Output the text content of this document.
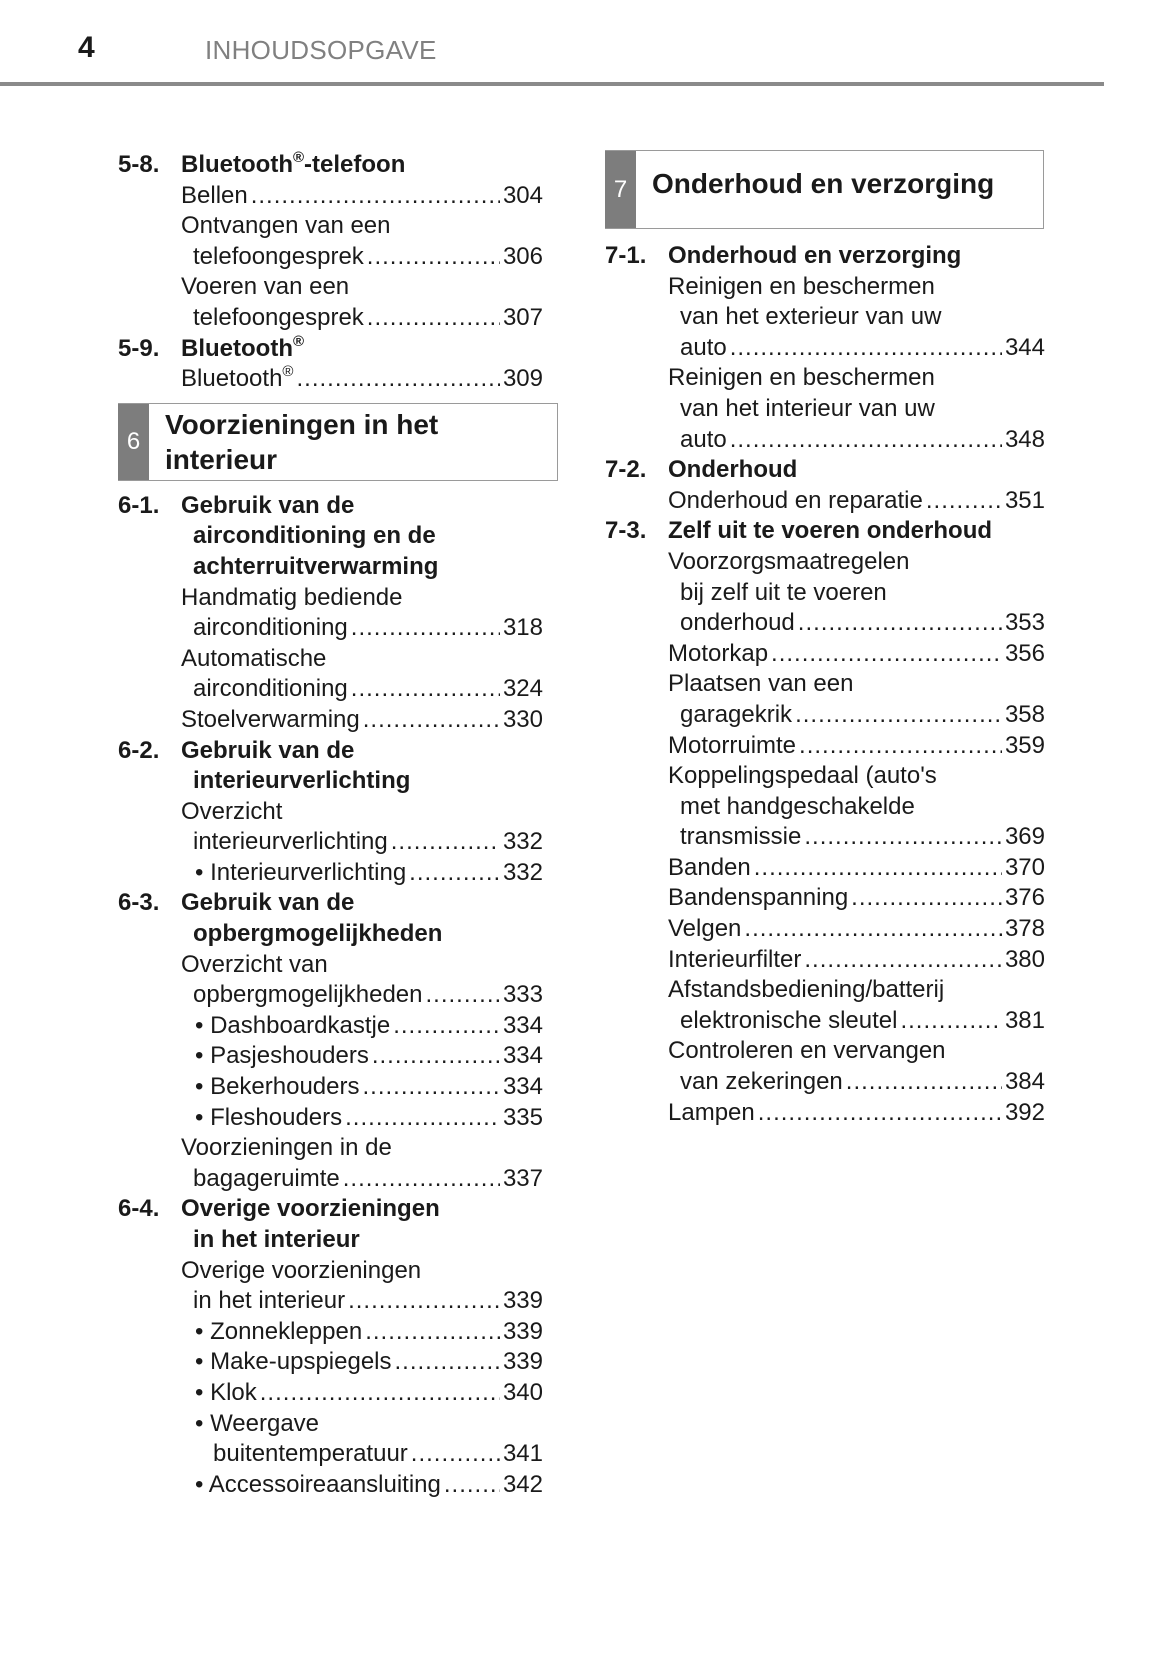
4	INHOUDSOPGAVE
5-8. Bluetooth®-telefoon
Bellen .....	304
Ontvangen van een
telefoongesprek .....	306
Voeren van een
telefoongesprek .....	307
5-9. Bluetooth®
Bluetooth® .....	309
6
Voorzieningen in het
interieur
6-1. Gebruik van de
airconditioning en de
achterruitverwarming
Handmatig bediende
airconditioning .....	318
Automatische
airconditioning .....	324
Stoelverwarming .....	330
6-2. Gebruik van de
interieurverlichting
Overzicht
interieurverlichting .....	332
• Interieurverlichting .....	332
6-3. Gebruik van de
opbergmogelijkheden
Overzicht van
opbergmogelijkheden .....	333
• Dashboardkastje .....	334
• Pasjeshouders .....	334
• Bekerhouders .....	334
• Fleshouders .....	335
Voorzieningen in de
bagageruimte .....	337
6-4. Overige voorzieningen
in het interieur
Overige voorzieningen
in het interieur .....	339
• Zonnekleppen .....	339
• Make-upspiegels .....	339
• Klok .....	340
• Weergave
buitentemperatuur .....	341
• Accessoireaansluiting .....	342
7 Onderhoud en verzorging
7-1. Onderhoud en verzorging
Reinigen en beschermen
van het exterieur van uw
auto .....	344
Reinigen en beschermen
van het interieur van uw
auto .....	348
7-2. Onderhoud
Onderhoud en reparatie .....	351
7-3. Zelf uit te voeren onderhoud
Voorzorgsmaatregelen
bij zelf uit te voeren
onderhoud .....	353
Motorkap .....	356
Plaatsen van een
garagekrik .....	358
Motorruimte .....	359
Koppelingspedaal (auto's
met handgeschakelde
transmissie .....	369
Banden .....	370
Bandenspanning .....	376
Velgen .....	378
Interieurfilter .....	380
Afstandsbediening/batterij
elektronische sleutel .....	381
Controleren en vervangen
van zekeringen .....	384
Lampen .....	392
